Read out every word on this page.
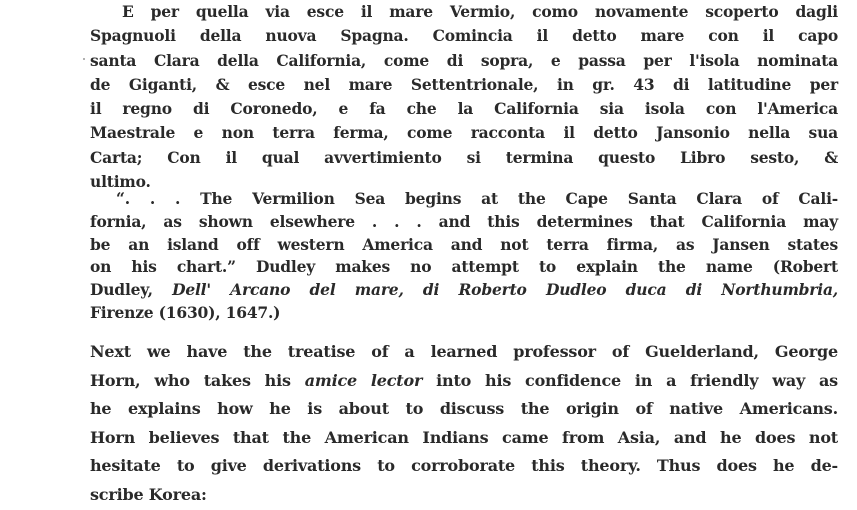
E per quella via esce il mare Vermio, como novamente scoperto dagli
Spagnuoli della nuova Spagna. Comincia il detto mare con il capo
santa Clara della California, come di sopra, e passa per l'isola nominata
de Giganti, & esce nel mare Settentrionale, in gr. 43 di latitudine per
il regno di Coronedo, e fa che la California sia isola con l'America
Maestrale e non terra ferma, come racconta il detto Jansonio nella sua
Carta; Con il qual avvertimiento si termina questo Libro sesto, &
ultimo.
“. . . The Vermilion Sea begins at the Cape Santa Clara of Cali-
fornia, as shown elsewhere . . . and this determines that California may
be an island off western America and not terra firma, as Jansen states
on his chart.” Dudley makes no attempt to explain the name (Robert
Dudley, Dell' Arcano del mare, di Roberto Dudleo duca di Northumbria,
Firenze (1630), 1647.)
Next we have the treatise of a learned professor of Guelderland, George
Horn, who takes his amice lector into his confidence in a friendly way as
he explains how he is about to discuss the origin of native Americans.
Horn believes that the American Indians came from Asia, and he does not
hesitate to give derivations to corroborate this theory. Thus does he de-
scribe Korea:
